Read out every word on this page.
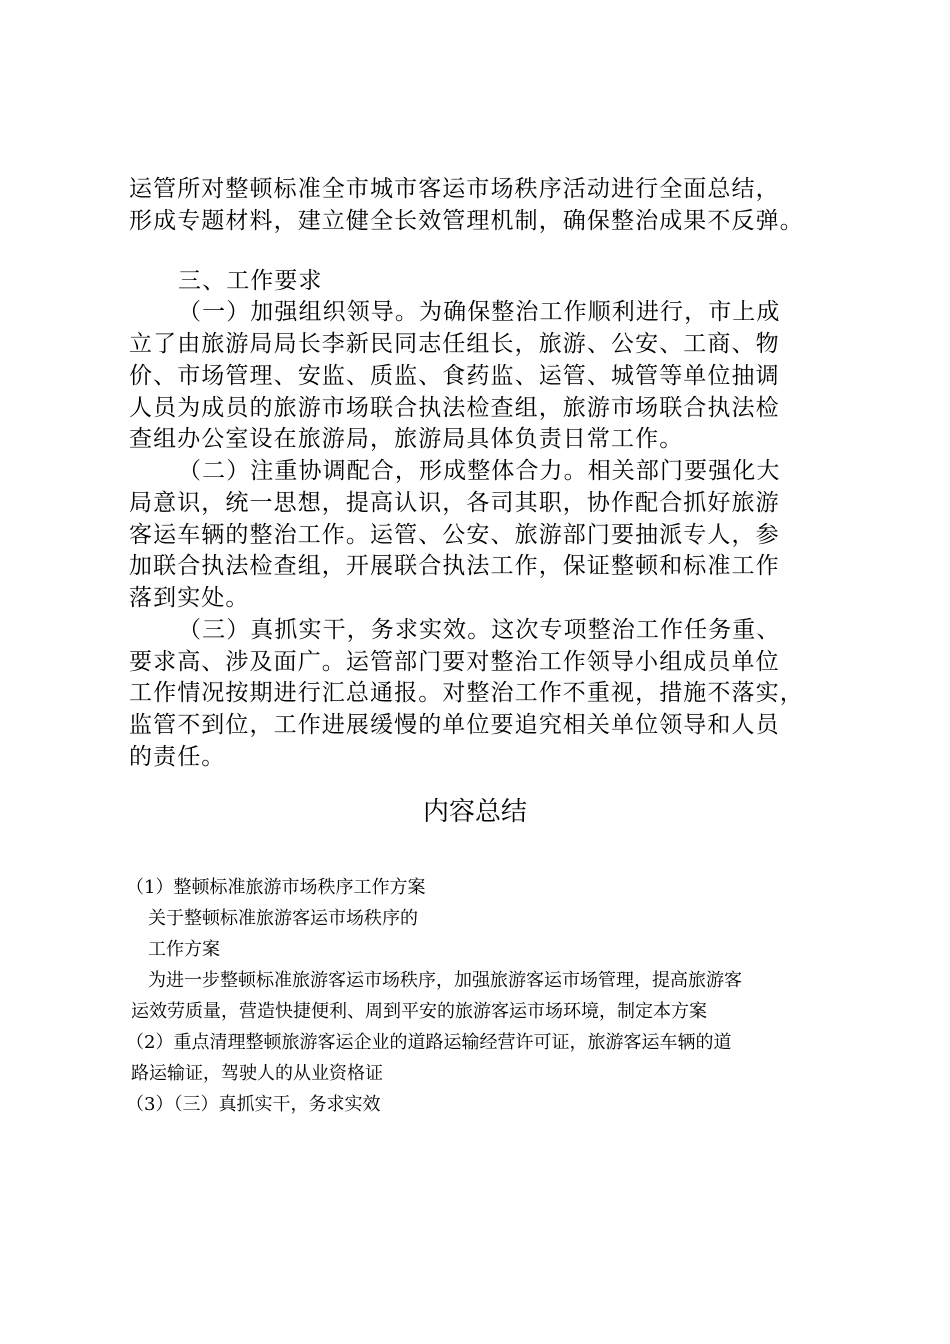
运管所对整顿标准全市城市客运市场秩序活动进行全面总结，
形成专题材料，建立健全长效管理机制，确保整治成果不反弹。
三、工作要求
（一）加强组织领导。为确保整治工作顺利进行，市上成
立了由旅游局局长李新民同志任组长，旅游、公安、工商、物
价、市场管理、安监、质监、食药监、运管、城管等单位抽调
人员为成员的旅游市场联合执法检查组，旅游市场联合执法检
查组办公室设在旅游局，旅游局具体负责日常工作。
（二）注重协调配合，形成整体合力。相关部门要强化大
局意识，统一思想，提高认识，各司其职，协作配合抓好旅游
客运车辆的整治工作。运管、公安、旅游部门要抽派专人，参
加联合执法检查组，开展联合执法工作，保证整顿和标准工作
落到实处。
（三）真抓实干，务求实效。这次专项整治工作任务重、
要求高、涉及面广。运管部门要对整治工作领导小组成员单位
工作情况按期进行汇总通报。对整治工作不重视，措施不落实，
监管不到位，工作进展缓慢的单位要追究相关单位领导和人员
的责任。
内容总结
（1）整顿标准旅游市场秩序工作方案
关于整顿标准旅游客运市场秩序的
工作方案
为进一步整顿标准旅游客运市场秩序，加强旅游客运市场管理，提高旅游客
运效劳质量，营造快捷便利、周到平安的旅游客运市场环境，制定本方案
（2）重点清理整顿旅游客运企业的道路运输经营许可证，旅游客运车辆的道
路运输证，驾驶人的从业资格证
（3）（三）真抓实干，务求实效
